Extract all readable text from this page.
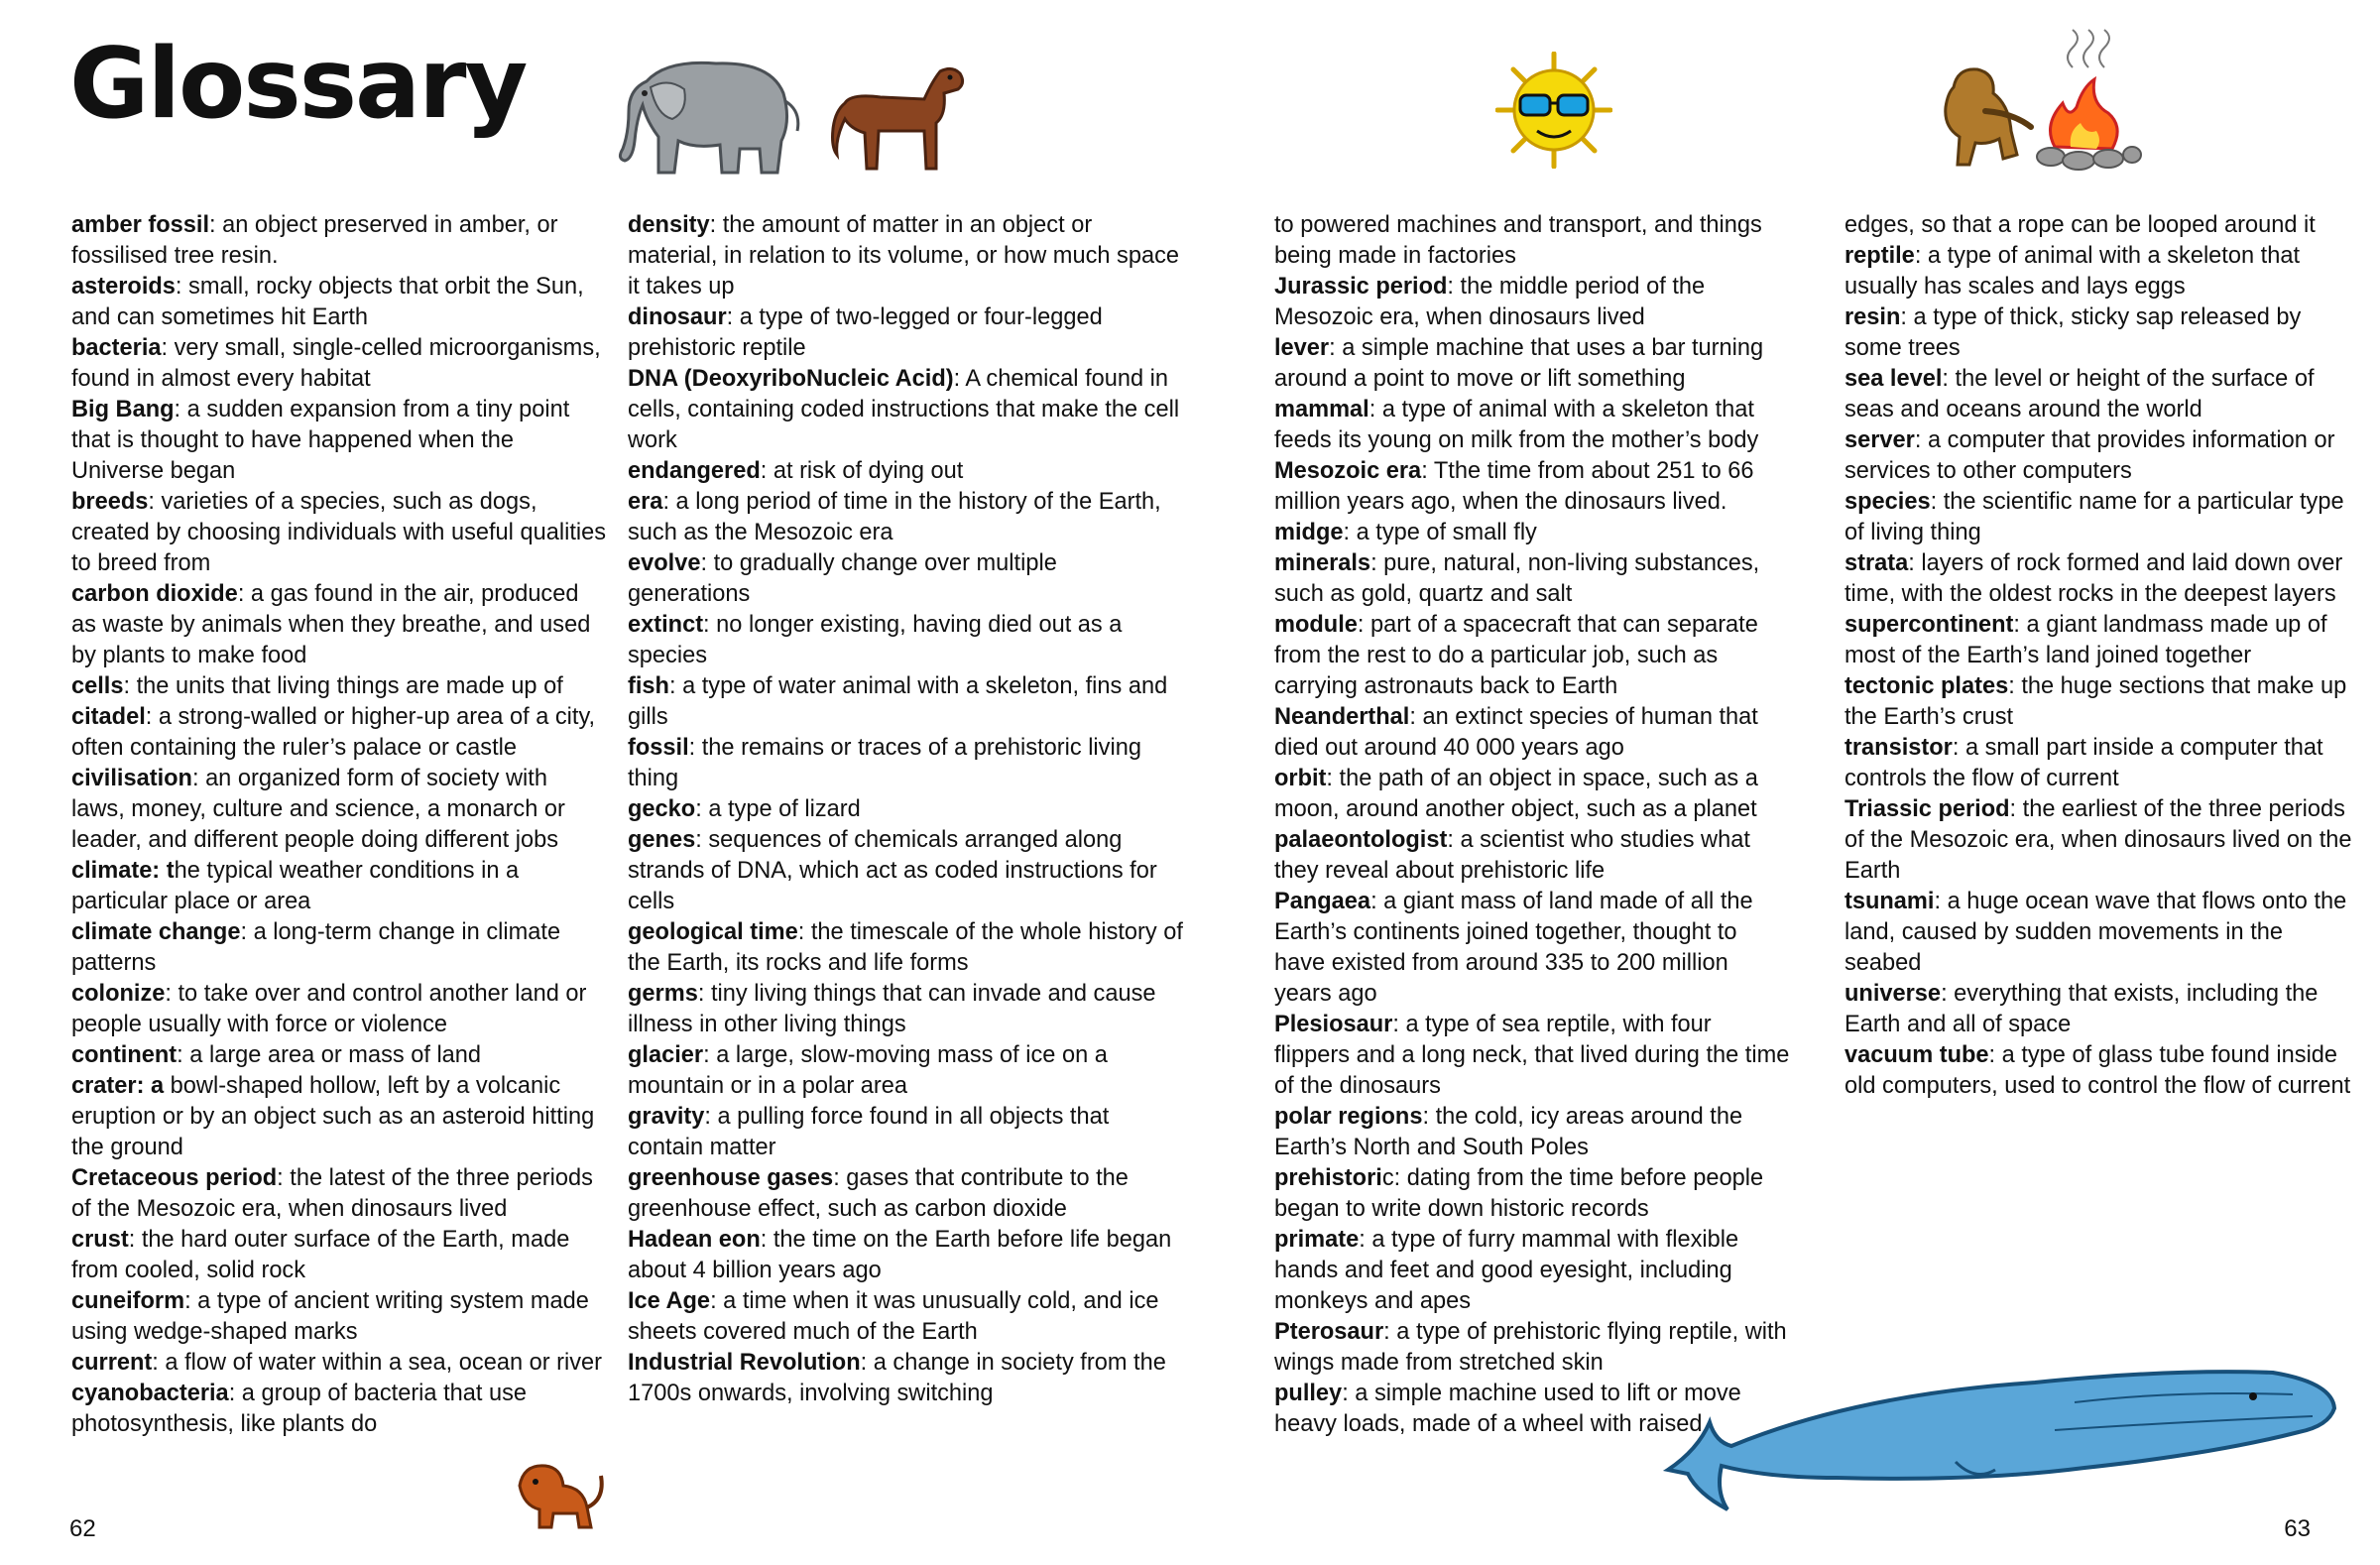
Glossary

amber fossil: an object preserved in amber, or fossilised tree resin.

asteroids: small, rocky objects that orbit the Sun, and can sometimes hit Earth

bacteria: very small, single-celled microorganisms, found in almost every habitat

Big Bang: a sudden expansion from a tiny point that is thought to have happened when the Universe began

breeds: varieties of a species, such as dogs, created by choosing individuals with useful qualities to breed from

carbon dioxide: a gas found in the air, produced as waste by animals when they breathe, and used by plants to make food

cells: the units that living things are made up of

citadel: a strong-walled or higher-up area of a city, often containing the ruler’s palace or castle

civilisation: an organized form of society with laws, money, culture and science, a monarch or leader, and different people doing different jobs

climate: the typical weather conditions in a particular place or area

climate change: a long-term change in climate patterns

colonize: to take over and control another land or people usually with force or violence

continent: a large area or mass of land

crater: a bowl-shaped hollow, left by a volcanic eruption or by an object such as an asteroid hitting the ground

Cretaceous period: the latest of the three periods of the Mesozoic era, when dinosaurs lived

crust: the hard outer surface of the Earth, made from cooled, solid rock

cuneiform: a type of ancient writing system made using wedge-shaped marks

current: a flow of water within a sea, ocean or river

cyanobacteria: a group of bacteria that use photosynthesis, like plants do

density: the amount of matter in an object or material, in relation to its volume, or how much space it takes up

dinosaur: a type of two-legged or four-legged prehistoric reptile

DNA (DeoxyriboNucleic Acid): A chemical found in cells, containing coded instructions that make the cell work

endangered: at risk of dying out

era: a long period of time in the history of the Earth, such as the Mesozoic era

evolve: to gradually change over multiple generations

extinct: no longer existing, having died out as a species

fish: a type of water animal with a skeleton, fins and gills

fossil: the remains or traces of a prehistoric living thing

gecko: a type of lizard

genes: sequences of chemicals arranged along strands of DNA, which act as coded instructions for cells

geological time: the timescale of the whole history of the Earth, its rocks and life forms

germs: tiny living things that can invade and cause illness in other living things

glacier: a large, slow-moving mass of ice on a mountain or in a polar area

gravity: a pulling force found in all objects that contain matter

greenhouse gases: gases that contribute to the greenhouse effect, such as carbon dioxide

Hadean eon: the time on the Earth before life began about 4 billion years ago

Ice Age: a time when it was unusually cold, and ice sheets covered much of the Earth

Industrial Revolution: a change in society from the 1700s onwards, involving switching

to powered machines and transport, and things being made in factories

Jurassic period: the middle period of the Mesozoic era, when dinosaurs lived

lever: a simple machine that uses a bar turning around a point to move or lift something

mammal: a type of animal with a skeleton that feeds its young on milk from the mother’s body

Mesozoic era: Tthe time from about 251 to 66 million years ago, when the dinosaurs lived.

midge: a type of small fly

minerals: pure, natural, non-living substances, such as gold, quartz and salt

module: part of a spacecraft that can separate from the rest to do a particular job, such as carrying astronauts back to Earth

Neanderthal: an extinct species of human that died out around 40 000 years ago

orbit: the path of an object in space, such as a moon, around another object, such as a planet

palaeontologist: a scientist who studies what they reveal about prehistoric life

Pangaea: a giant mass of land made of all the Earth’s continents joined together, thought to have existed from around 335 to 200 million years ago

Plesiosaur: a type of sea reptile, with four flippers and a long neck, that lived during the time of the dinosaurs

polar regions: the cold, icy areas around the Earth’s North and South Poles

prehistoric: dating from the time before people began to write down historic records

primate: a type of furry mammal with flexible hands and feet and good eyesight, including monkeys and apes

Pterosaur: a type of prehistoric flying reptile, with wings made from stretched skin

pulley: a simple machine used to lift or move heavy loads, made of a wheel with raised

edges, so that a rope can be looped around it

reptile: a type of animal with a skeleton that usually has scales and lays eggs

resin: a type of thick, sticky sap released by some trees

sea level: the level or height of the surface of seas and oceans around the world

server: a computer that provides information or services to other computers

species: the scientific name for a particular type of living thing

strata: layers of rock formed and laid down over time, with the oldest rocks in the deepest layers

supercontinent: a giant landmass made up of most of the Earth’s land joined together

tectonic plates: the huge sections that make up the Earth’s crust

transistor: a small part inside a computer that controls the flow of current

Triassic period: the earliest of the three periods of the Mesozoic era, when dinosaurs lived on the Earth

tsunami: a huge ocean wave that flows onto the land, caused by sudden movements in the seabed

universe: everything that exists, including the Earth and all of space

vacuum tube: a type of glass tube found inside old computers, used to control the flow of current

62	63
